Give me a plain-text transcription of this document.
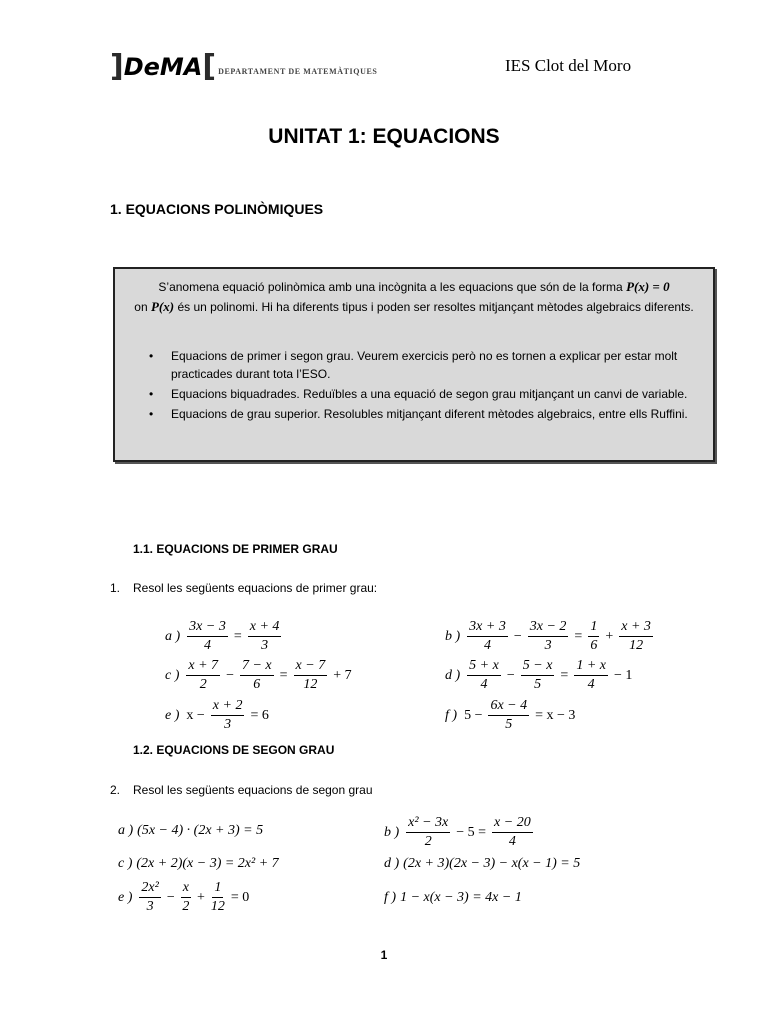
] DeMA [ DEPARTAMENT DE MATEMÀTIQUES	IES Clot del Moro
UNITAT 1: EQUACIONS
1. EQUACIONS POLINÒMIQUES
S’anomena equació polinòmica amb una incògnita a les equacions que són de la forma P(x) = 0
on P(x) és un polinomi. Hi ha diferents tipus i poden ser resoltes mitjançant mètodes algebraics diferents.
• Equacions de primer i segon grau. Veurem exercicis però no es tornen a explicar per estar molt practicades durant tota l’ESO.
• Equacions biquadrades. Reduïbles a una equació de segon grau mitjançant un canvi de variable.
• Equacions de grau superior. Resolubles mitjançant diferent mètodes algebraics, entre ells Ruffini.
1.1. EQUACIONS DE PRIMER GRAU
1. Resol les següents equacions de primer grau:
a ) $\frac{3x - 3}{4} = \frac{x + 4}{3}$	b ) $\frac{3x + 3}{4} - \frac{3x - 2}{3} = \frac{1}{6} + \frac{x + 3}{12}$
c ) $\frac{x + 7}{2} - \frac{7 - x}{6} = \frac{x - 7}{12} + 7$	d ) $\frac{5 + x}{4} - \frac{5 - x}{5} = \frac{1 + x}{4} - 1$
e ) $x - \frac{x + 2}{3} = 6$	f ) $5 - \frac{6x - 4}{5} = x - 3$
1.2. EQUACIONS DE SEGON GRAU
2. Resol les següents equacions de segon grau
a ) (5x − 4) · (2x + 3) = 5	b ) $\frac{\text{x² − 3x}}{2} - 5 = \frac{x - 20}{4}$
c ) (2x + 2)(x − 3) = 2x² + 7	d ) (2x + 3)(2x − 3) − x(x − 1) = 5
e ) $\frac{\text{2x²}}{3} - \frac{x}{2} + \frac{1}{12} = 0$	f ) 1 − x(x − 3) = 4x − 1
1
